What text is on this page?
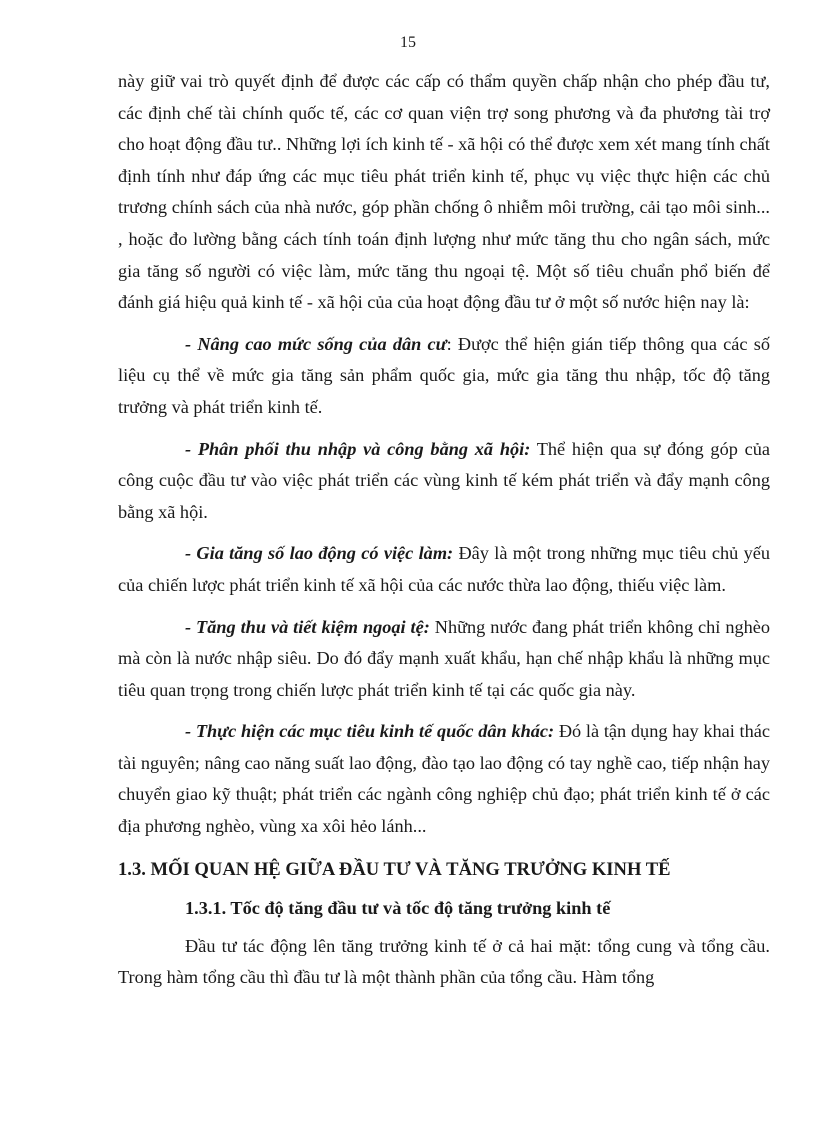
15

này giữ vai trò quyết định để được các cấp có thẩm quyền chấp nhận cho phép đầu tư, các định chế tài chính quốc tế, các cơ quan viện trợ song phương và đa phương tài trợ cho hoạt động đầu tư.. Những lợi ích kinh tế - xã hội có thể được xem xét mang tính chất định tính như đáp ứng các mục tiêu phát triển kinh tế, phục vụ việc thực hiện các chủ trương chính sách của nhà nước, góp phần chống ô nhiễm môi trường, cải tạo môi sinh... , hoặc đo lường bằng cách tính toán định lượng như mức tăng thu cho ngân sách, mức gia tăng số người có việc làm, mức tăng thu ngoại tệ. Một số tiêu chuẩn phổ biến để đánh giá hiệu quả kinh tế - xã hội của của hoạt động đầu tư ở một số nước hiện nay là:

- Nâng cao mức sống của dân cư: Được thể hiện gián tiếp thông qua các số liệu cụ thể về mức gia tăng sản phẩm quốc gia, mức gia tăng thu nhập, tốc độ tăng trưởng và phát triển kinh tế.

- Phân phối thu nhập và công bằng xã hội: Thể hiện qua sự đóng góp của công cuộc đầu tư vào việc phát triển các vùng kinh tế kém phát triển và đẩy mạnh công bằng xã hội.

- Gia tăng số lao động có việc làm: Đây là một trong những mục tiêu chủ yếu của chiến lược phát triển kinh tế xã hội của các nước thừa lao động, thiếu việc làm.

- Tăng thu và tiết kiệm ngoại tệ: Những nước đang phát triển không chỉ nghèo mà còn là nước nhập siêu. Do đó đẩy mạnh xuất khẩu, hạn chế nhập khẩu là những mục tiêu quan trọng trong chiến lược phát triển kinh tế tại các quốc gia này.

- Thực hiện các mục tiêu kinh tế quốc dân khác: Đó là tận dụng hay khai thác tài nguyên; nâng cao năng suất lao động, đào tạo lao động có tay nghề cao, tiếp nhận hay chuyển giao kỹ thuật; phát triển các ngành công nghiệp chủ đạo; phát triển kinh tế ở các địa phương nghèo, vùng xa xôi hẻo lánh...

1.3. MỐI QUAN HỆ GIỮA ĐẦU TƯ VÀ TĂNG TRƯỞNG KINH TẾ
1.3.1. Tốc độ tăng đầu tư và tốc độ tăng trưởng kinh tế

Đầu tư tác động lên tăng trưởng kinh tế ở cả hai mặt: tổng cung và tổng cầu. Trong hàm tổng cầu thì đầu tư là một thành phần của tổng cầu. Hàm tổng
